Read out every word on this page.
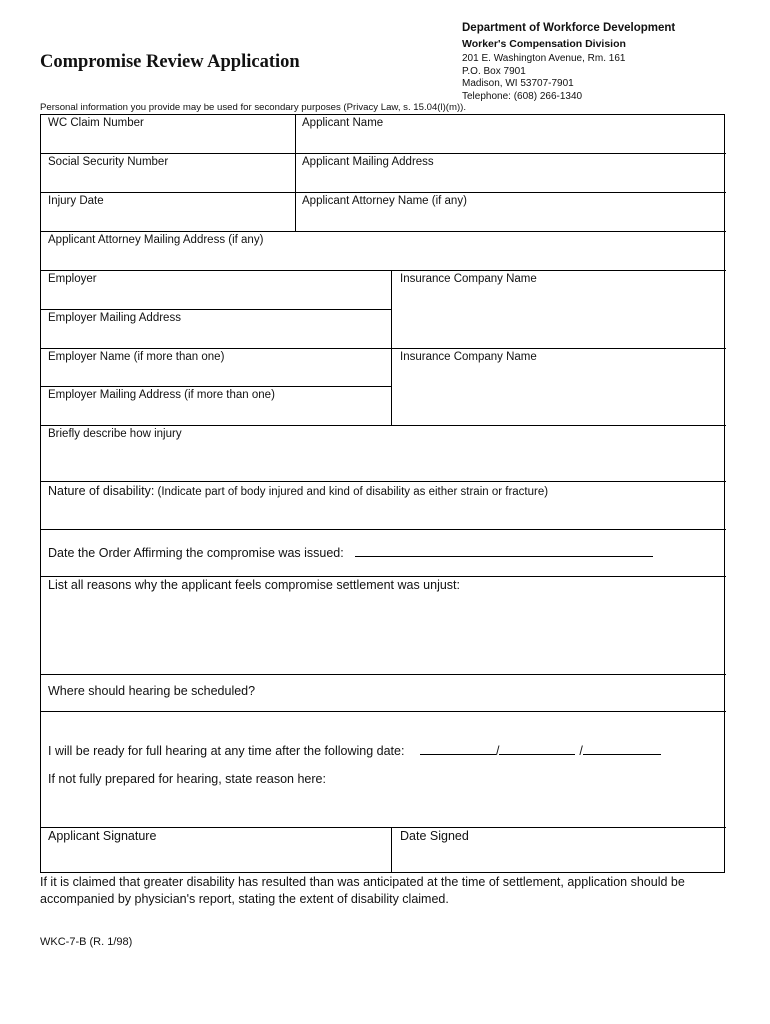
Compromise Review Application
Department of Workforce Development
Worker's Compensation Division
201 E. Washington Avenue, Rm. 161
P.O. Box 7901
Madison, WI 53707-7901
Telephone: (608) 266-1340
Personal information you provide may be used for secondary purposes (Privacy Law, s. 15.04(l)(m)).
WC Claim Number	Applicant Name
Social Security Number	Applicant Mailing Address
Injury Date	Applicant Attorney Name (if any)
Applicant Attorney Mailing Address (if any)
Employer	Insurance Company Name
Employer Mailing Address
Employer Name (if more than one)	Insurance Company Name
Employer Mailing Address (if more than one)
Briefly describe how injury
Nature of disability: (Indicate part of body injured and kind of disability as either strain or fracture)
Date the Order Affirming the compromise was issued:
List all reasons why the applicant feels compromise settlement was unjust:
Where should hearing be scheduled?
I will be ready for full hearing at any time after the following date:	/	/
If not fully prepared for hearing, state reason here:
Applicant Signature	Date Signed
If it is claimed that greater disability has resulted than was anticipated at the time of settlement, application should be accompanied by physician's report, stating the extent of disability claimed.
WKC-7-B (R. 1/98)
